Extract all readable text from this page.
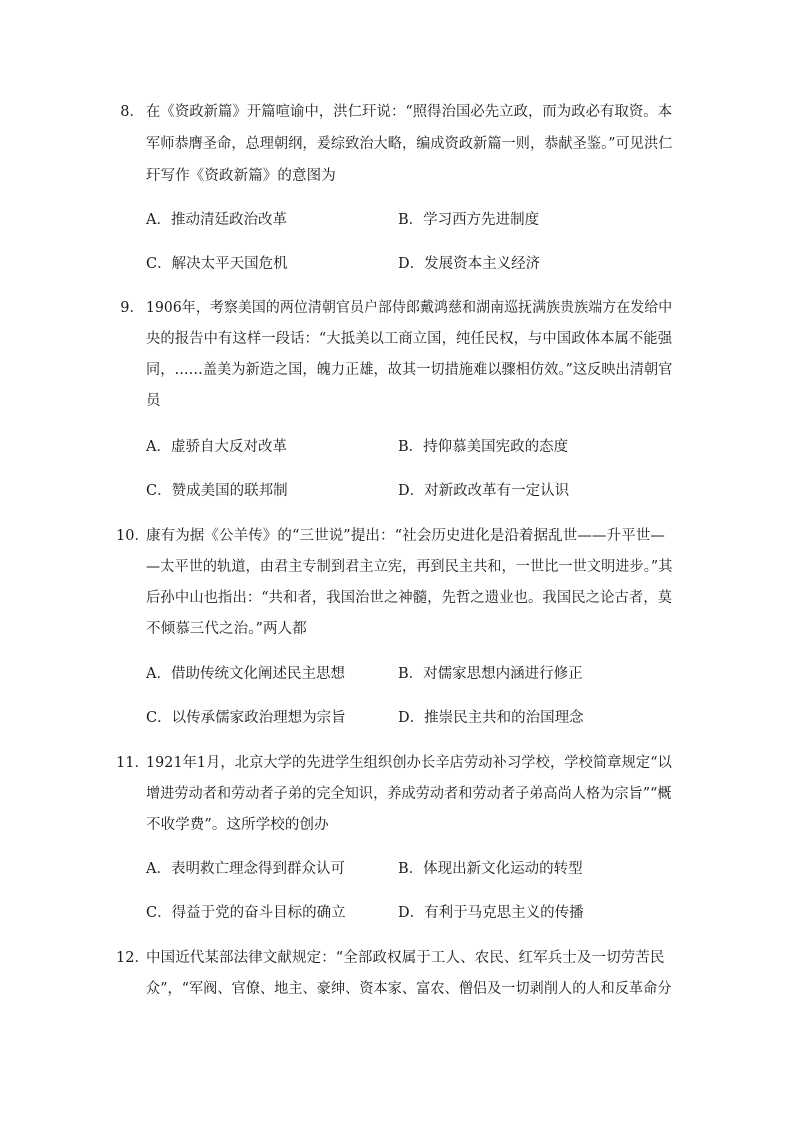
8． 在《资政新篇》开篇喧谕中，洪仁玕说：“照得治国必先立政，而为政必有取资。本
军师恭膺圣命，总理朝纲，爰综致治大略，编成资政新篇一则，恭献圣鉴。”可见洪仁
玕写作《资政新篇》的意图为
A．推动清廷政治改革	B．学习西方先进制度
C．解决太平天国危机	D．发展资本主义经济
9． 1906年，考察美国的两位清朝官员户部侍郎戴鸿慈和湖南巡抚满族贵族端方在发给中
央的报告中有这样一段话：“大抵美以工商立国，纯任民权，与中国政体本属不能强
同，……盖美为新造之国，魄力正雄，故其一切措施难以骤相仿效。”这反映出清朝官
员
A．虚骄自大反对改革	B．持仰慕美国宪政的态度
C．赞成美国的联邦制	D．对新政改革有一定认识
10．
康有为据《公羊传》的“三世说”提出：“社会历史进化是沿着据乱世——升平世—
—太平世的轨道，由君主专制到君主立宪，再到民主共和，一世比一世文明进步。”其
后孙中山也指出：“共和者，我国治世之神髓，先哲之遗业也。我国民之论古者，莫
不倾慕三代之治。”两人都
A．借助传统文化阐述民主思想	B．对儒家思想内涵进行修正
C．以传承儒家政治理想为宗旨	D．推崇民主共和的治国理念
11．
1921年1月，北京大学的先进学生组织创办长辛店劳动补习学校，学校简章规定“以
增进劳动者和劳动者子弟的完全知识，养成劳动者和劳动者子弟高尚人格为宗旨”“概
不收学费”。这所学校的创办
A．表明救亡理念得到群众认可	B．体现出新文化运动的转型
C．得益于党的奋斗目标的确立	D．有利于马克思主义的传播
12．
中国近代某部法律文献规定：“全部政权属于工人、农民、红军兵士及一切劳苦民
众”，“军阀、官僚、地主、豪绅、资本家、富农、僧侣及一切剥削人的人和反革命分
